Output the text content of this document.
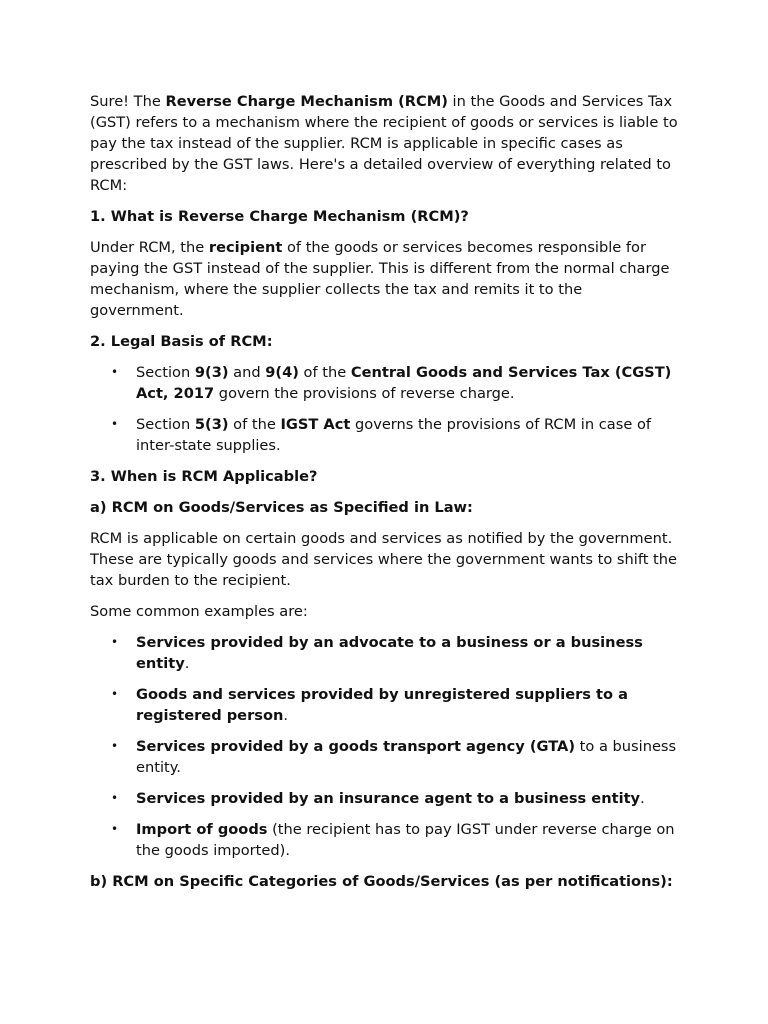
Sure! The Reverse Charge Mechanism (RCM) in the Goods and Services Tax (GST) refers to a mechanism where the recipient of goods or services is liable to pay the tax instead of the supplier. RCM is applicable in specific cases as prescribed by the GST laws. Here's a detailed overview of everything related to RCM:

1. What is Reverse Charge Mechanism (RCM)?

Under RCM, the recipient of the goods or services becomes responsible for paying the GST instead of the supplier. This is different from the normal charge mechanism, where the supplier collects the tax and remits it to the government.

2. Legal Basis of RCM:
• Section 9(3) and 9(4) of the Central Goods and Services Tax (CGST) Act, 2017 govern the provisions of reverse charge.
• Section 5(3) of the IGST Act governs the provisions of RCM in case of inter-state supplies.
3. When is RCM Applicable?
a) RCM on Goods/Services as Specified in Law:

RCM is applicable on certain goods and services as notified by the government. These are typically goods and services where the government wants to shift the tax burden to the recipient.

Some common examples are:

• Services provided by an advocate to a business or a business entity.
• Goods and services provided by unregistered suppliers to a registered person.
• Services provided by a goods transport agency (GTA) to a business entity.
• Services provided by an insurance agent to a business entity.
• Import of goods (the recipient has to pay IGST under reverse charge on the goods imported).
b) RCM on Specific Categories of Goods/Services (as per notifications):
